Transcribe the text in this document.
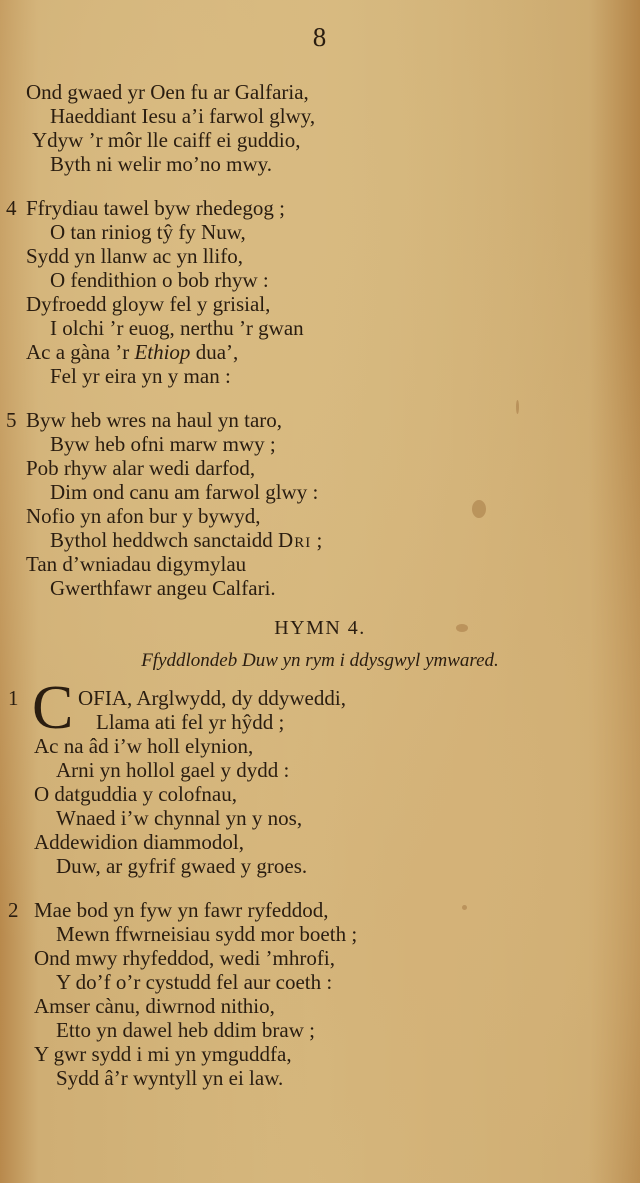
8
Ond gwaed yr Oen fu ar Galfaria,
Haeddiant Iesu a’i farwol glwy,
Ydyw ’r môr lle caiff ei guddio,
Byth ni welir mo’no mwy.
4 Ffrydiau tawel byw rhedegog ;
O tan riniog tŷ fy Nuw,
Sydd yn llanw ac yn llifo,
O fendithion o bob rhyw :
Dyfroedd gloyw fel y grisial,
I olchi ’r euog, nerthu ’r gwan
Ac a gàna ’r Ethiop dua’,
Fel yr eira yn y man :
5 Byw heb wres na haul yn taro,
Byw heb ofni marw mwy ;
Pob rhyw alar wedi darfod,
Dim ond canu am farwol glwy :
Nofio yn afon bur y bywyd,
Bythol heddwch sanctaidd Dri ;
Tan d’wniadau digymylau
Gwerthfawr angeu Calfari.
HYMN 4.
Ffyddlondeb Duw yn rym i ddysgwyl ymwared.
1 C OFIA, Arglwydd, dy ddyweddi,
Llama ati fel yr hŷdd ;
Ac na âd i’w holl elynion,
Arni yn hollol gael y dydd :
O datguddia y colofnau,
Wnaed i’w chynnal yn y nos,
Addewidion diammodol,
Duw, ar gyfrif gwaed y groes.
2 Mae bod yn fyw yn fawr ryfeddod,
Mewn ffwrneisiau sydd mor boeth ;
Ond mwy rhyfeddod, wedi ’mhrofi,
Y do’f o’r cystudd fel aur coeth :
Amser cànu, diwrnod nithio,
Etto yn dawel heb ddim braw ;
Y gwr sydd i mi yn ymguddfa,
Sydd â’r wyntyll yn ei law.
